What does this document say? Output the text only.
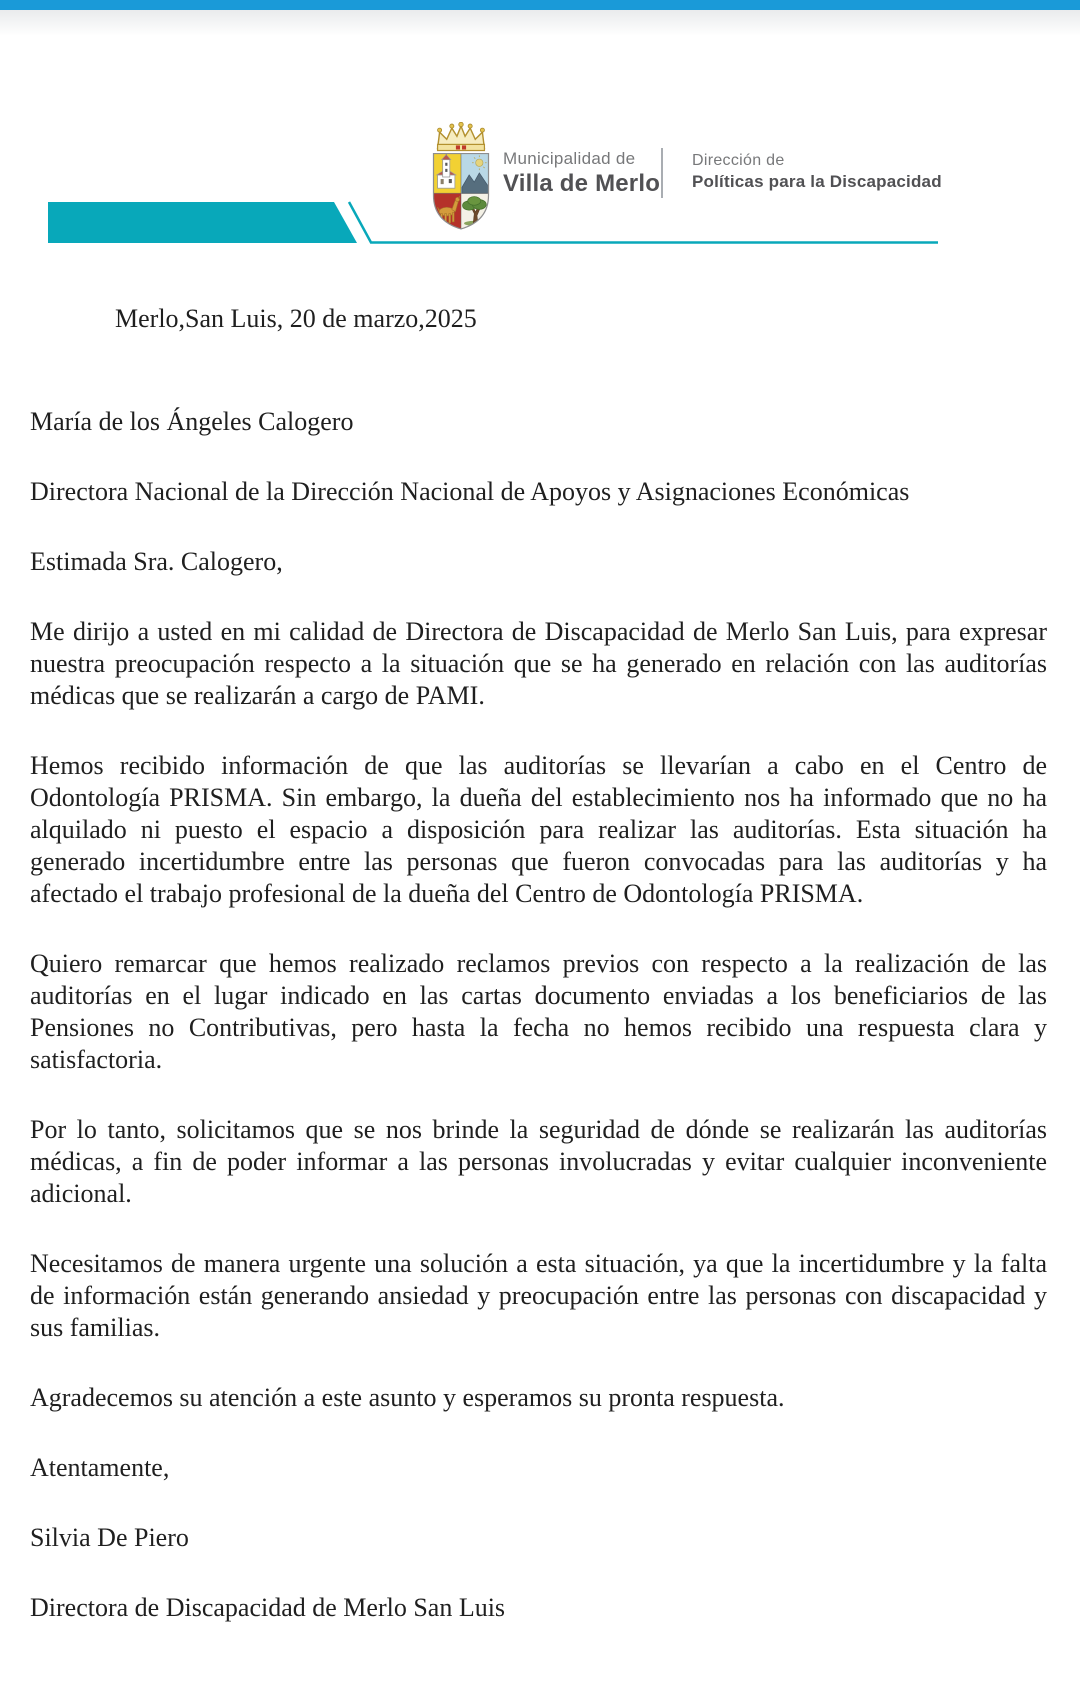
Municipalidad de
Villa de Merlo
Dirección de
Políticas para la Discapacidad

Merlo,San Luis, 20 de marzo,2025

María de los Ángeles Calogero

Directora Nacional de la Dirección Nacional de Apoyos y Asignaciones Económicas

Estimada Sra. Calogero,

Me dirijo a usted en mi calidad de Directora de Discapacidad de Merlo San Luis, para expresar nuestra preocupación respecto a la situación que se ha generado en relación con las auditorías médicas que se realizarán a cargo de PAMI.

Hemos recibido información de que las auditorías se llevarían a cabo en el Centro de Odontología PRISMA. Sin embargo, la dueña del establecimiento nos ha informado que no ha alquilado ni puesto el espacio a disposición para realizar las auditorías. Esta situación ha generado incertidumbre entre las personas que fueron convocadas para las auditorías y ha afectado el trabajo profesional de la dueña del Centro de Odontología PRISMA.

Quiero remarcar que hemos realizado reclamos previos con respecto a la realización de las auditorías en el lugar indicado en las cartas documento enviadas a los beneficiarios de las Pensiones no Contributivas, pero hasta la fecha no hemos recibido una respuesta clara y satisfactoria.

Por lo tanto, solicitamos que se nos brinde la seguridad de dónde se realizarán las auditorías médicas, a fin de poder informar a las personas involucradas y evitar cualquier inconveniente adicional.

Necesitamos de manera urgente una solución a esta situación, ya que la incertidumbre y la falta de información están generando ansiedad y preocupación entre las personas con discapacidad y sus familias.

Agradecemos su atención a este asunto y esperamos su pronta respuesta.

Atentamente,

Silvia De Piero

Directora de Discapacidad de Merlo San Luis
